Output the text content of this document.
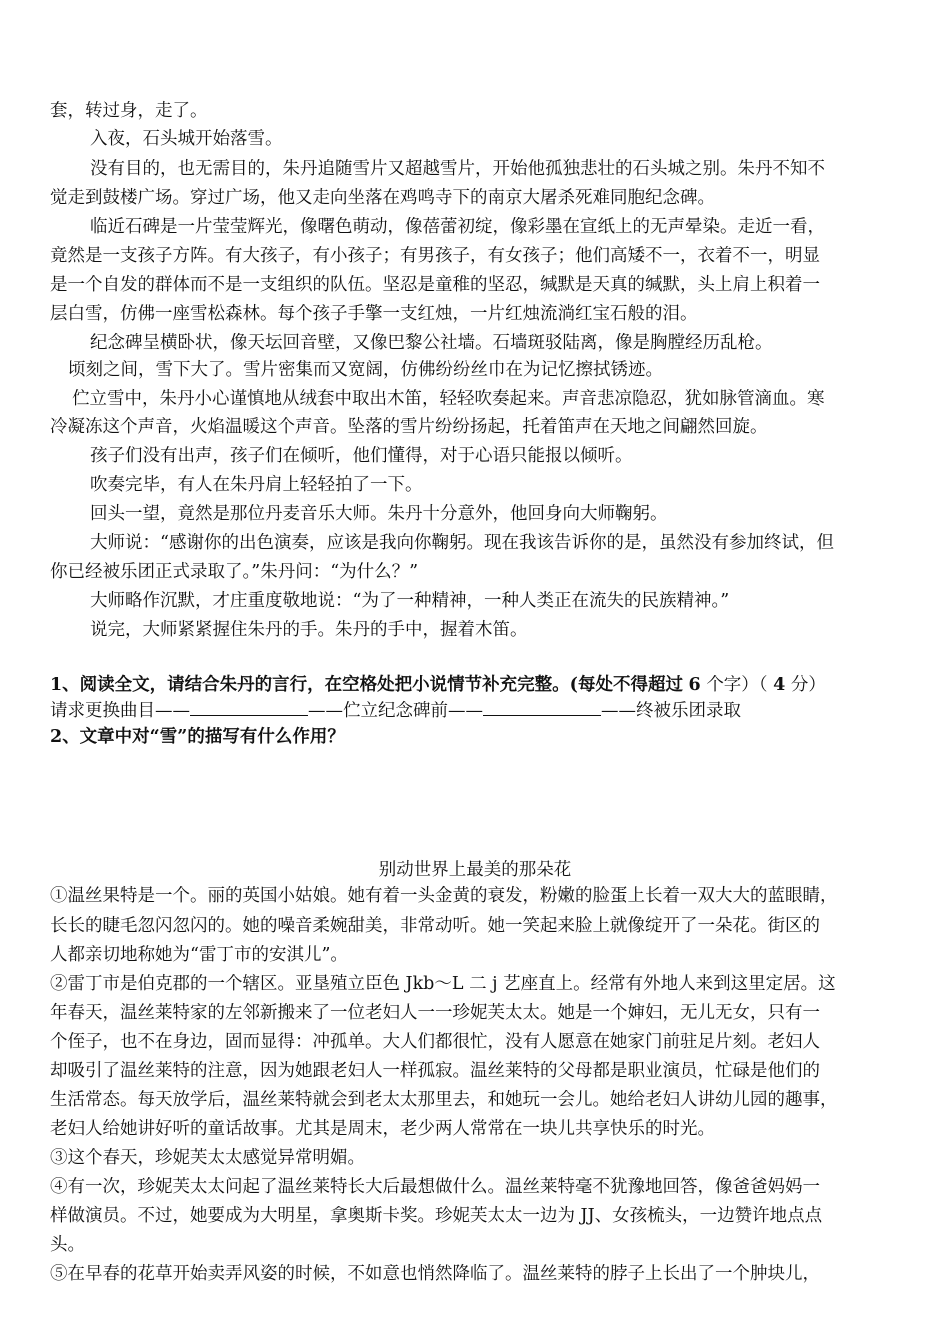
套，转过身，走了。
入夜，石头城开始落雪。
没有目的，也无需目的，朱丹追随雪片又超越雪片，开始他孤独悲壮的石头城之别。朱丹不知不
觉走到鼓楼广场。穿过广场，他又走向坐落在鸡鸣寺下的南京大屠杀死难同胞纪念碑。
临近石碑是一片莹莹辉光，像曙色萌动，像蓓蕾初绽，像彩墨在宣纸上的无声晕染。走近一看，
竟然是一支孩子方阵。有大孩子，有小孩子；有男孩子，有女孩子；他们高矮不一，衣着不一，明显
是一个自发的群体而不是一支组织的队伍。坚忍是童稚的坚忍，缄默是天真的缄默，头上肩上积着一
层白雪，仿佛一座雪松森林。每个孩子手擎一支红烛，一片红烛流淌红宝石般的泪。
纪念碑呈横卧状，像天坛回音壁，又像巴黎公社墙。石墙斑驳陆离，像是胸膛经历乱枪。
顷刻之间，雪下大了。雪片密集而又宽阔，仿佛纷纷丝巾在为记忆擦拭锈迹。
伫立雪中，朱丹小心谨慎地从绒套中取出木笛，轻轻吹奏起来。声音悲凉隐忍，犹如脉管滴血。寒
冷凝冻这个声音，火焰温暖这个声音。坠落的雪片纷纷扬起，托着笛声在天地之间翩然回旋。
孩子们没有出声，孩子们在倾听，他们懂得，对于心语只能报以倾听。
吹奏完毕，有人在朱丹肩上轻轻拍了一下。
回头一望，竟然是那位丹麦音乐大师。朱丹十分意外，他回身向大师鞠躬。
大师说：“感谢你的出色演奏，应该是我向你鞠躬。现在我该告诉你的是，虽然没有参加终试，但
你已经被乐团正式录取了。”朱丹问：“为什么？”
大师略作沉默，才庄重度敬地说：“为了一种精神，一种人类正在流失的民族精神。”
说完，大师紧紧握住朱丹的手。朱丹的手中，握着木笛。
1、阅读全文，请结合朱丹的言行，在空格处把小说情节补充完整。(每处不得超过 6 个字）（ 4 分）
请求更换曲目——	——伫立纪念碑前——	——终被乐团录取
2、文章中对“雪”的描写有什么作用？
别动世界上最美的那朵花
①温丝果特是一个。丽的英国小姑娘。她有着一头金黄的衰发，粉嫩的脸蛋上长着一双大大的蓝眼睛，
长长的睫毛忽闪忽闪的。她的噪音柔婉甜美，非常动听。她一笑起来脸上就像绽开了一朵花。街区的
人都亲切地称她为“雷丁市的安淇儿”。
②雷丁市是伯克郡的一个辖区。亚垦殖立臣色 Jkb～L 二 j 艺座直上。经常有外地人来到这里定居。这
年春天，温丝莱特家的左邻新搬来了一位老妇人一一珍妮芙太太。她是一个婶妇，无儿无女，只有一
个侄子，也不在身边，固而显得：冲孤单。大人们都很忙，没有人愿意在她家门前驻足片刻。老妇人
却吸引了温丝莱特的注意，因为她跟老妇人一样孤寂。温丝莱特的父母都是职业演员，忙碌是他们的
生活常态。每天放学后，温丝莱特就会到老太太那里去，和她玩一会儿。她给老妇人讲幼儿园的趣事，
老妇人给她讲好听的童话故事。尤其是周末，老少两人常常在一块儿共享快乐的时光。
③这个春天，珍妮芙太太感觉异常明媚。
④有一次，珍妮芙太太问起了温丝莱特长大后最想做什么。温丝莱特毫不犹豫地回答，像爸爸妈妈一
样做演员。不过，她要成为大明星，拿奥斯卡奖。珍妮芙太太一边为 JJ、女孩梳头，一边赞许地点点
头。
⑤在早春的花草开始卖弄风姿的时候，不如意也悄然降临了。温丝莱特的脖子上长出了一个肿块儿，
